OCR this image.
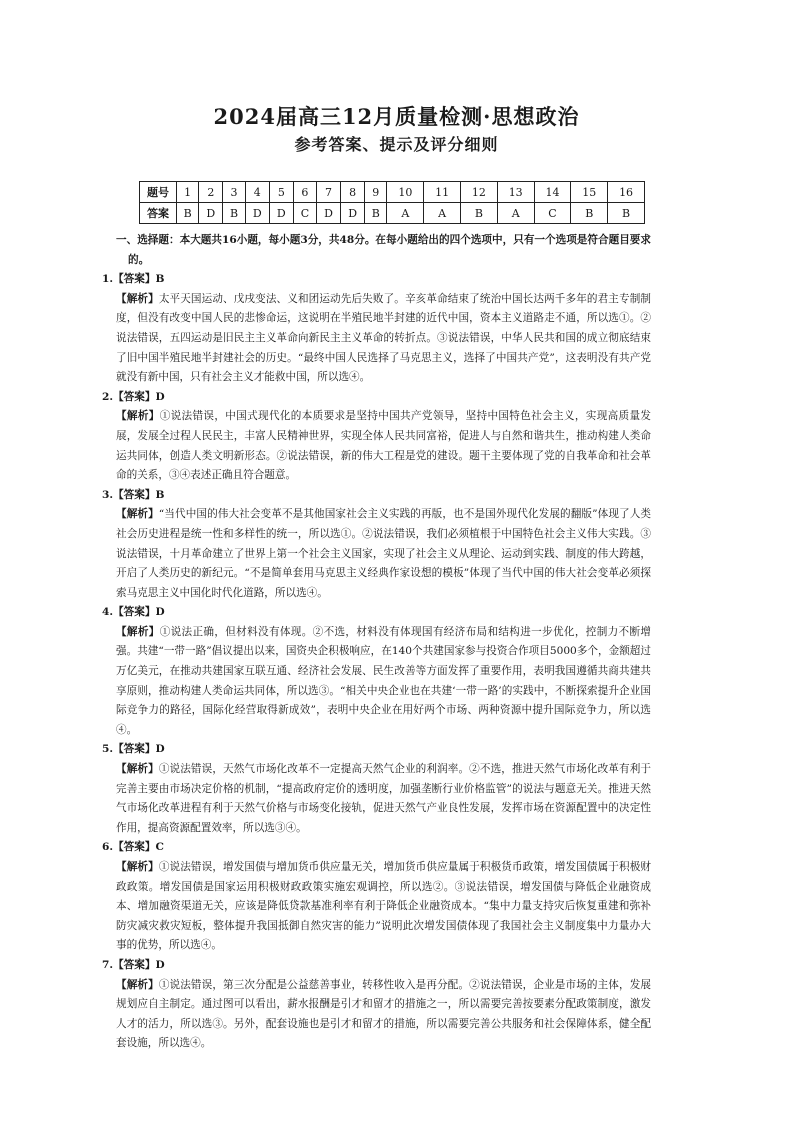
2024届高三12月质量检测·思想政治
参考答案、提示及评分细则
题号	1	2	3	4	5	6	7	8	9	10	11	12	13	14	15	16
答案	B	D	B	D	D	C	D	D	B	A	A	B	A	C	B	B

一、选择题：本大题共16小题，每小题3分，共48分。在每小题给出的四个选项中，只有一个选项是符合题目要求的。

1.【答案】B

【解析】太平天国运动、戊戌变法、义和团运动先后失败了。辛亥革命结束了统治中国长达两千多年的君主专制制度，但没有改变中国人民的悲惨命运，这说明在半殖民地半封建的近代中国，资本主义道路走不通，所以选①。②说法错误，五四运动是旧民主主义革命向新民主主义革命的转折点。③说法错误，中华人民共和国的成立彻底结束了旧中国半殖民地半封建社会的历史。“最终中国人民选择了马克思主义，选择了中国共产党”，这表明没有共产党就没有新中国，只有社会主义才能救中国，所以选④。

2.【答案】D

【解析】①说法错误，中国式现代化的本质要求是坚持中国共产党领导，坚持中国特色社会主义，实现高质量发展，发展全过程人民民主，丰富人民精神世界，实现全体人民共同富裕，促进人与自然和谐共生，推动构建人类命运共同体，创造人类文明新形态。②说法错误，新的伟大工程是党的建设。题干主要体现了党的自我革命和社会革命的关系，③④表述正确且符合题意。

3.【答案】B

【解析】“当代中国的伟大社会变革不是其他国家社会主义实践的再版，也不是国外现代化发展的翻版”体现了人类社会历史进程是统一性和多样性的统一，所以选①。②说法错误，我们必须植根于中国特色社会主义伟大实践。③说法错误，十月革命建立了世界上第一个社会主义国家，实现了社会主义从理论、运动到实践、制度的伟大跨越，开启了人类历史的新纪元。“不是简单套用马克思主义经典作家设想的模板”体现了当代中国的伟大社会变革必须探索马克思主义中国化时代化道路，所以选④。

4.【答案】D

【解析】①说法正确，但材料没有体现。②不选，材料没有体现国有经济布局和结构进一步优化，控制力不断增强。共建“一带一路”倡议提出以来，国资央企积极响应，在140个共建国家参与投资合作项目5000多个，金额超过万亿美元，在推动共建国家互联互通、经济社会发展、民生改善等方面发挥了重要作用，表明我国遵循共商共建共享原则，推动构建人类命运共同体，所以选③。“相关中央企业也在共建‘一带一路’的实践中，不断探索提升企业国际竞争力的路径，国际化经营取得新成效”，表明中央企业在用好两个市场、两种资源中提升国际竞争力，所以选④。

5.【答案】D

【解析】①说法错误，天然气市场化改革不一定提高天然气企业的利润率。②不选，推进天然气市场化改革有利于完善主要由市场决定价格的机制，“提高政府定价的透明度，加强垄断行业价格监管”的说法与题意无关。推进天然气市场化改革进程有利于天然气价格与市场变化接轨，促进天然气产业良性发展，发挥市场在资源配置中的决定性作用，提高资源配置效率，所以选③④。

6.【答案】C

【解析】①说法错误，增发国债与增加货币供应量无关，增加货币供应量属于积极货币政策，增发国债属于积极财政政策。增发国债是国家运用积极财政政策实施宏观调控，所以选②。③说法错误，增发国债与降低企业融资成本、增加融资渠道无关，应该是降低贷款基准利率有利于降低企业融资成本。“集中力量支持灾后恢复重建和弥补防灾减灾救灾短板，整体提升我国抵御自然灾害的能力”说明此次增发国债体现了我国社会主义制度集中力量办大事的优势，所以选④。

7.【答案】D

【解析】①说法错误，第三次分配是公益慈善事业，转移性收入是再分配。②说法错误，企业是市场的主体，发展规划应自主制定。通过图可以看出，薪水报酬是引才和留才的措施之一，所以需要完善按要素分配政策制度，激发人才的活力，所以选③。另外，配套设施也是引才和留才的措施，所以需要完善公共服务和社会保障体系，健全配套设施，所以选④。
